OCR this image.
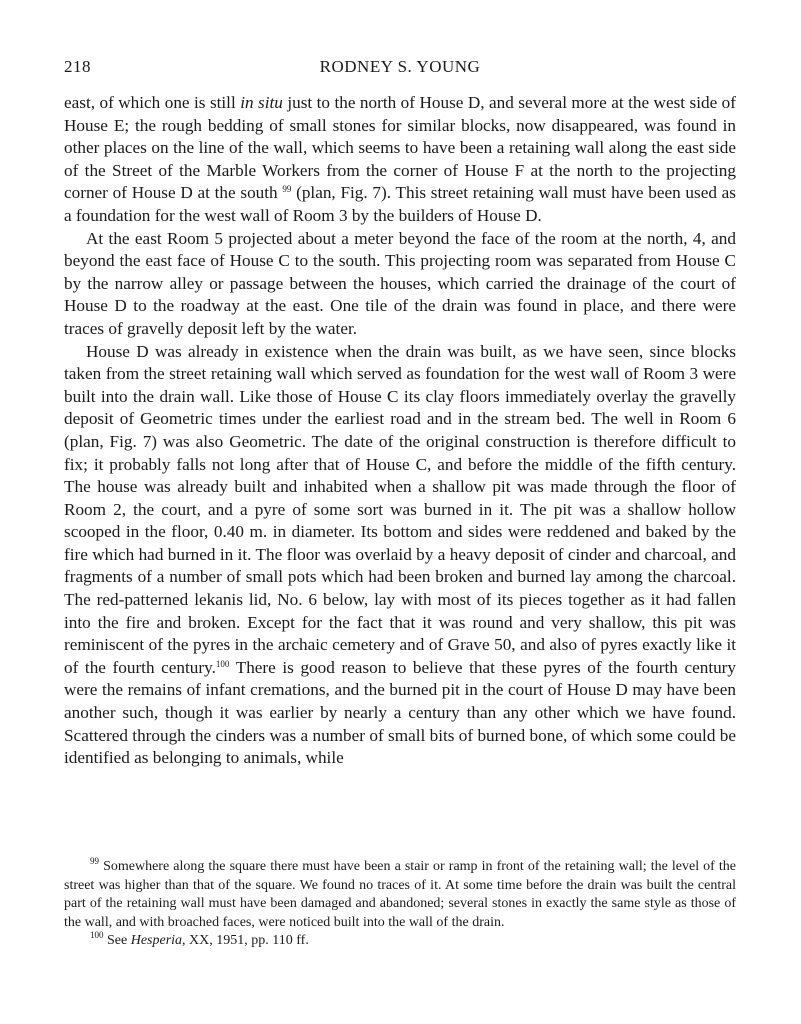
218	RODNEY S. YOUNG

east, of which one is still in situ just to the north of House D, and several more at the west side of House E; the rough bedding of small stones for similar blocks, now disappeared, was found in other places on the line of the wall, which seems to have been a retaining wall along the east side of the Street of the Marble Workers from the corner of House F at the north to the projecting corner of House D at the south $^{99}$ (plan, Fig. 7). This street retaining wall must have been used as a foundation for the west wall of Room 3 by the builders of House D.

At the east Room 5 projected about a meter beyond the face of the room at the north, 4, and beyond the east face of House C to the south. This projecting room was separated from House C by the narrow alley or passage between the houses, which carried the drainage of the court of House D to the roadway at the east. One tile of the drain was found in place, and there were traces of gravelly deposit left by the water.

House D was already in existence when the drain was built, as we have seen, since blocks taken from the street retaining wall which served as foundation for the west wall of Room 3 were built into the drain wall. Like those of House C its clay floors immediately overlay the gravelly deposit of Geometric times under the earliest road and in the stream bed. The well in Room 6 (plan, Fig. 7) was also Geometric. The date of the original construction is therefore difficult to fix; it probably falls not long after that of House C, and before the middle of the fifth century. The house was already built and inhabited when a shallow pit was made through the floor of Room 2, the court, and a pyre of some sort was burned in it. The pit was a shallow hollow scooped in the floor, 0.40 m. in diameter. Its bottom and sides were reddened and baked by the fire which had burned in it. The floor was overlaid by a heavy deposit of cinder and charcoal, and fragments of a number of small pots which had been broken and burned lay among the charcoal. The red-patterned lekanis lid, No. 6 below, lay with most of its pieces together as it had fallen into the fire and broken. Except for the fact that it was round and very shallow, this pit was reminiscent of the pyres in the archaic cemetery and of Grave 50, and also of pyres exactly like it of the fourth century.$^{100}$ There is good reason to believe that these pyres of the fourth century were the remains of infant cremations, and the burned pit in the court of House D may have been another such, though it was earlier by nearly a century than any other which we have found. Scattered through the cinders was a number of small bits of burned bone, of which some could be identified as belonging to animals, while

$^{99}$ Somewhere along the square there must have been a stair or ramp in front of the retaining wall; the level of the street was higher than that of the square. We found no traces of it. At some time before the drain was built the central part of the retaining wall must have been damaged and abandoned; several stones in exactly the same style as those of the wall, and with broached faces, were noticed built into the wall of the drain.

$^{100}$ See Hesperia, XX, 1951, pp. 110 ff.
